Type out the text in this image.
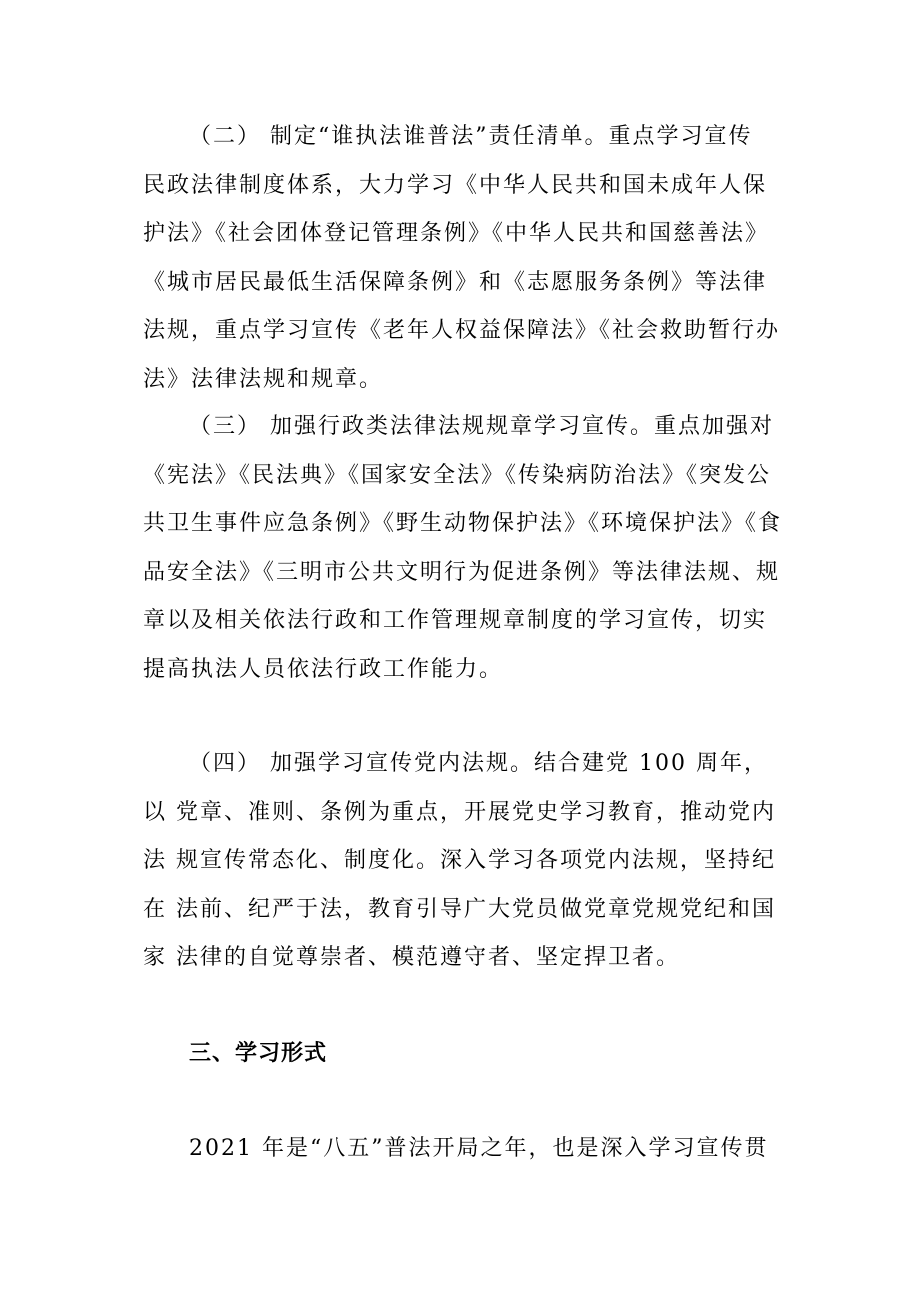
（二） 制定“谁执法谁普法”责任清单。重点学习宣传 民政法律制度体系，大力学习《中华人民共和国未成年人保 护法》《社会团体登记管理条例》《中华人民共和国慈善法》《城市居民最低生活保障条例》和《志愿服务条例》等法律 法规，重点学习宣传《老年人权益保障法》《社会救助暂行办 法》法律法规和规章。

（三） 加强行政类法律法规规章学习宣传。重点加强对 《宪法》《民法典》《国家安全法》《传染病防治法》《突发公共卫生事件应急条例》《野生动物保护法》《环境保护法》《食 品安全法》《三明市公共文明行为促进条例》等法律法规、规 章以及相关依法行政和工作管理规章制度的学习宣传，切实 提高执法人员依法行政工作能力。

（四） 加强学习宣传党内法规。结合建党 100 周年，以 党章、准则、条例为重点，开展党史学习教育，推动党内法 规宣传常态化、制度化。深入学习各项党内法规，坚持纪在 法前、纪严于法，教育引导广大党员做党章党规党纪和国家 法律的自觉尊崇者、模范遵守者、坚定捍卫者。

三、学习形式

2021 年是“八五”普法开局之年，也是深入学习宣传贯
